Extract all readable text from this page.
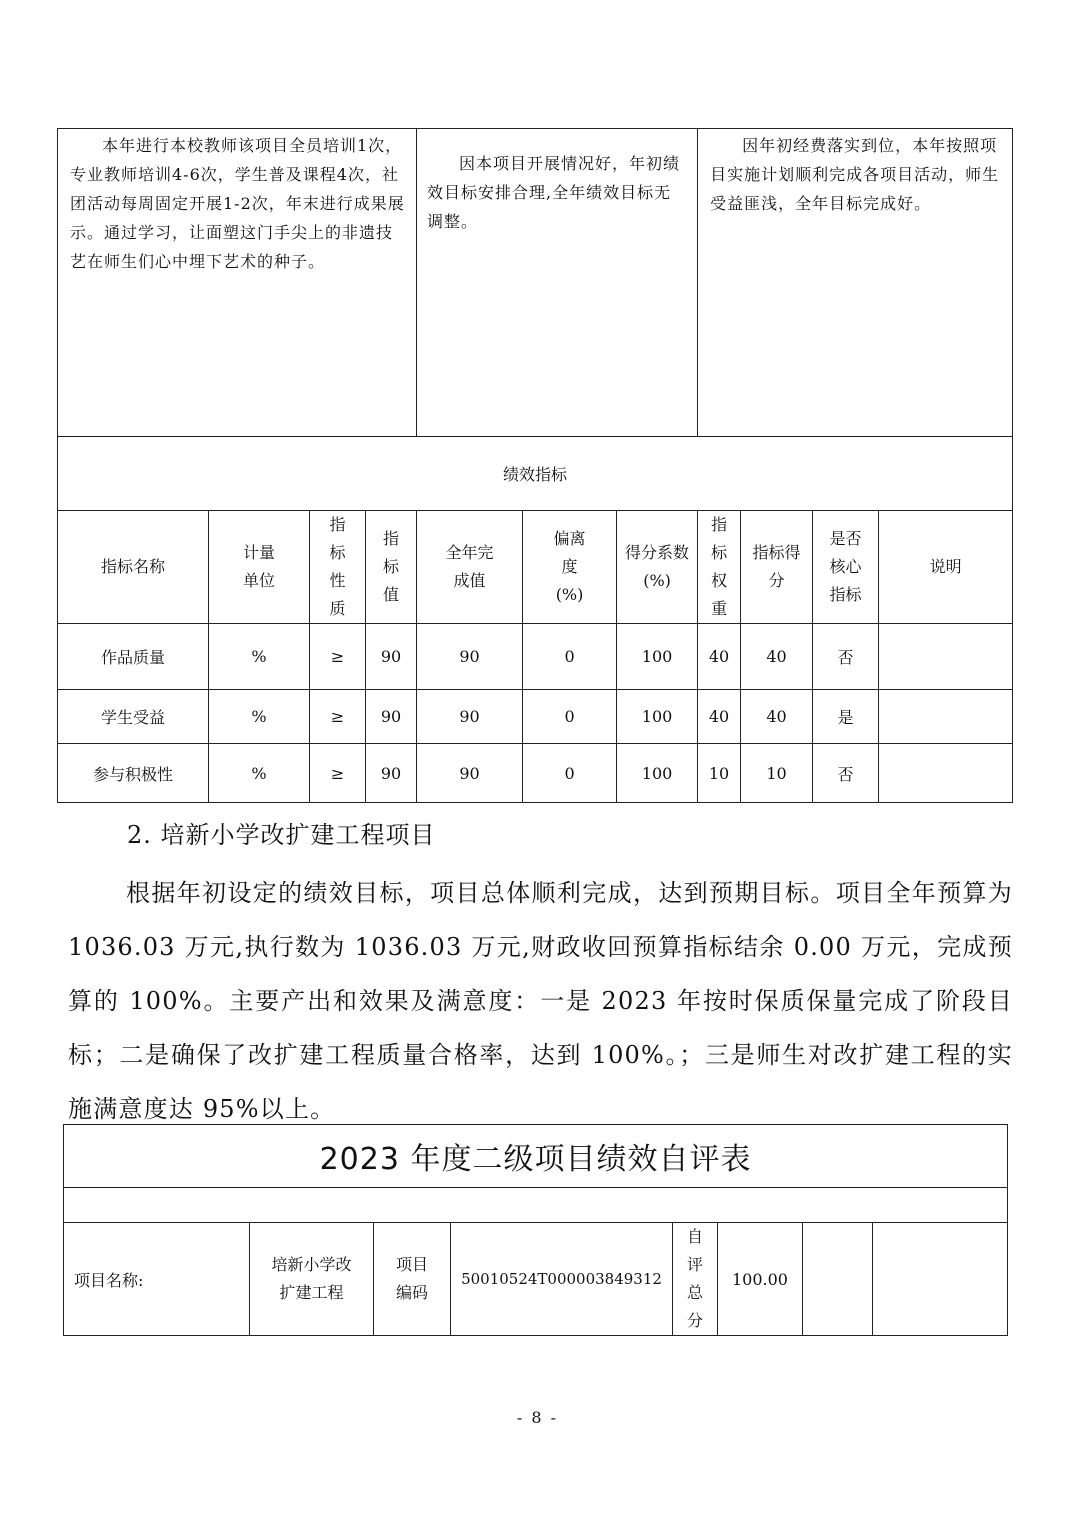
本年进行本校教师该项目全员培训1次，专业教师培训4-6次，学生普及课程4次，社团活动每周固定开展1-2次，年末进行成果展示。通过学习，让面塑这门手尖上的非遗技艺在师生们心中埋下艺术的种子。				因本项目开展情况好，年初绩效目标安排合理,全年绩效目标无调整。			因年初经费落实到位，本年按照项目实施计划顺利完成各项目活动，师生受益匪浅，全年目标完成好。			

绩效指标										
指标名称	计量单位	指标性质	指标值	全年完成值	偏离度(%)	得分系数(%)	指标权重	指标得分	是否核心指标	说明
作品质量	%	≥	90	90	0	100	40	40	否	
学生受益	%	≥	90	90	0	100	40	40	是	
参与积极性	%	≥	90	90	0	100	10	10	否	
2. 培新小学改扩建工程项目
根据年初设定的绩效目标，项目总体顺利完成，达到预期目标。项目全年预算为 1036.03 万元,执行数为 1036.03 万元,财政收回预算指标结余 0.00 万元，完成预算的 100%。主要产出和效果及满意度：一是 2023 年按时保质保量完成了阶段目标；二是确保了改扩建工程质量合格率，达到 100%。；三是师生对改扩建工程的实施满意度达 95%以上。
2023 年度二级项目绩效自评表

项目名称:	培新小学改扩建工程	项目编码	50010524T000003849312	自评总分	100.00		
- 8 -
